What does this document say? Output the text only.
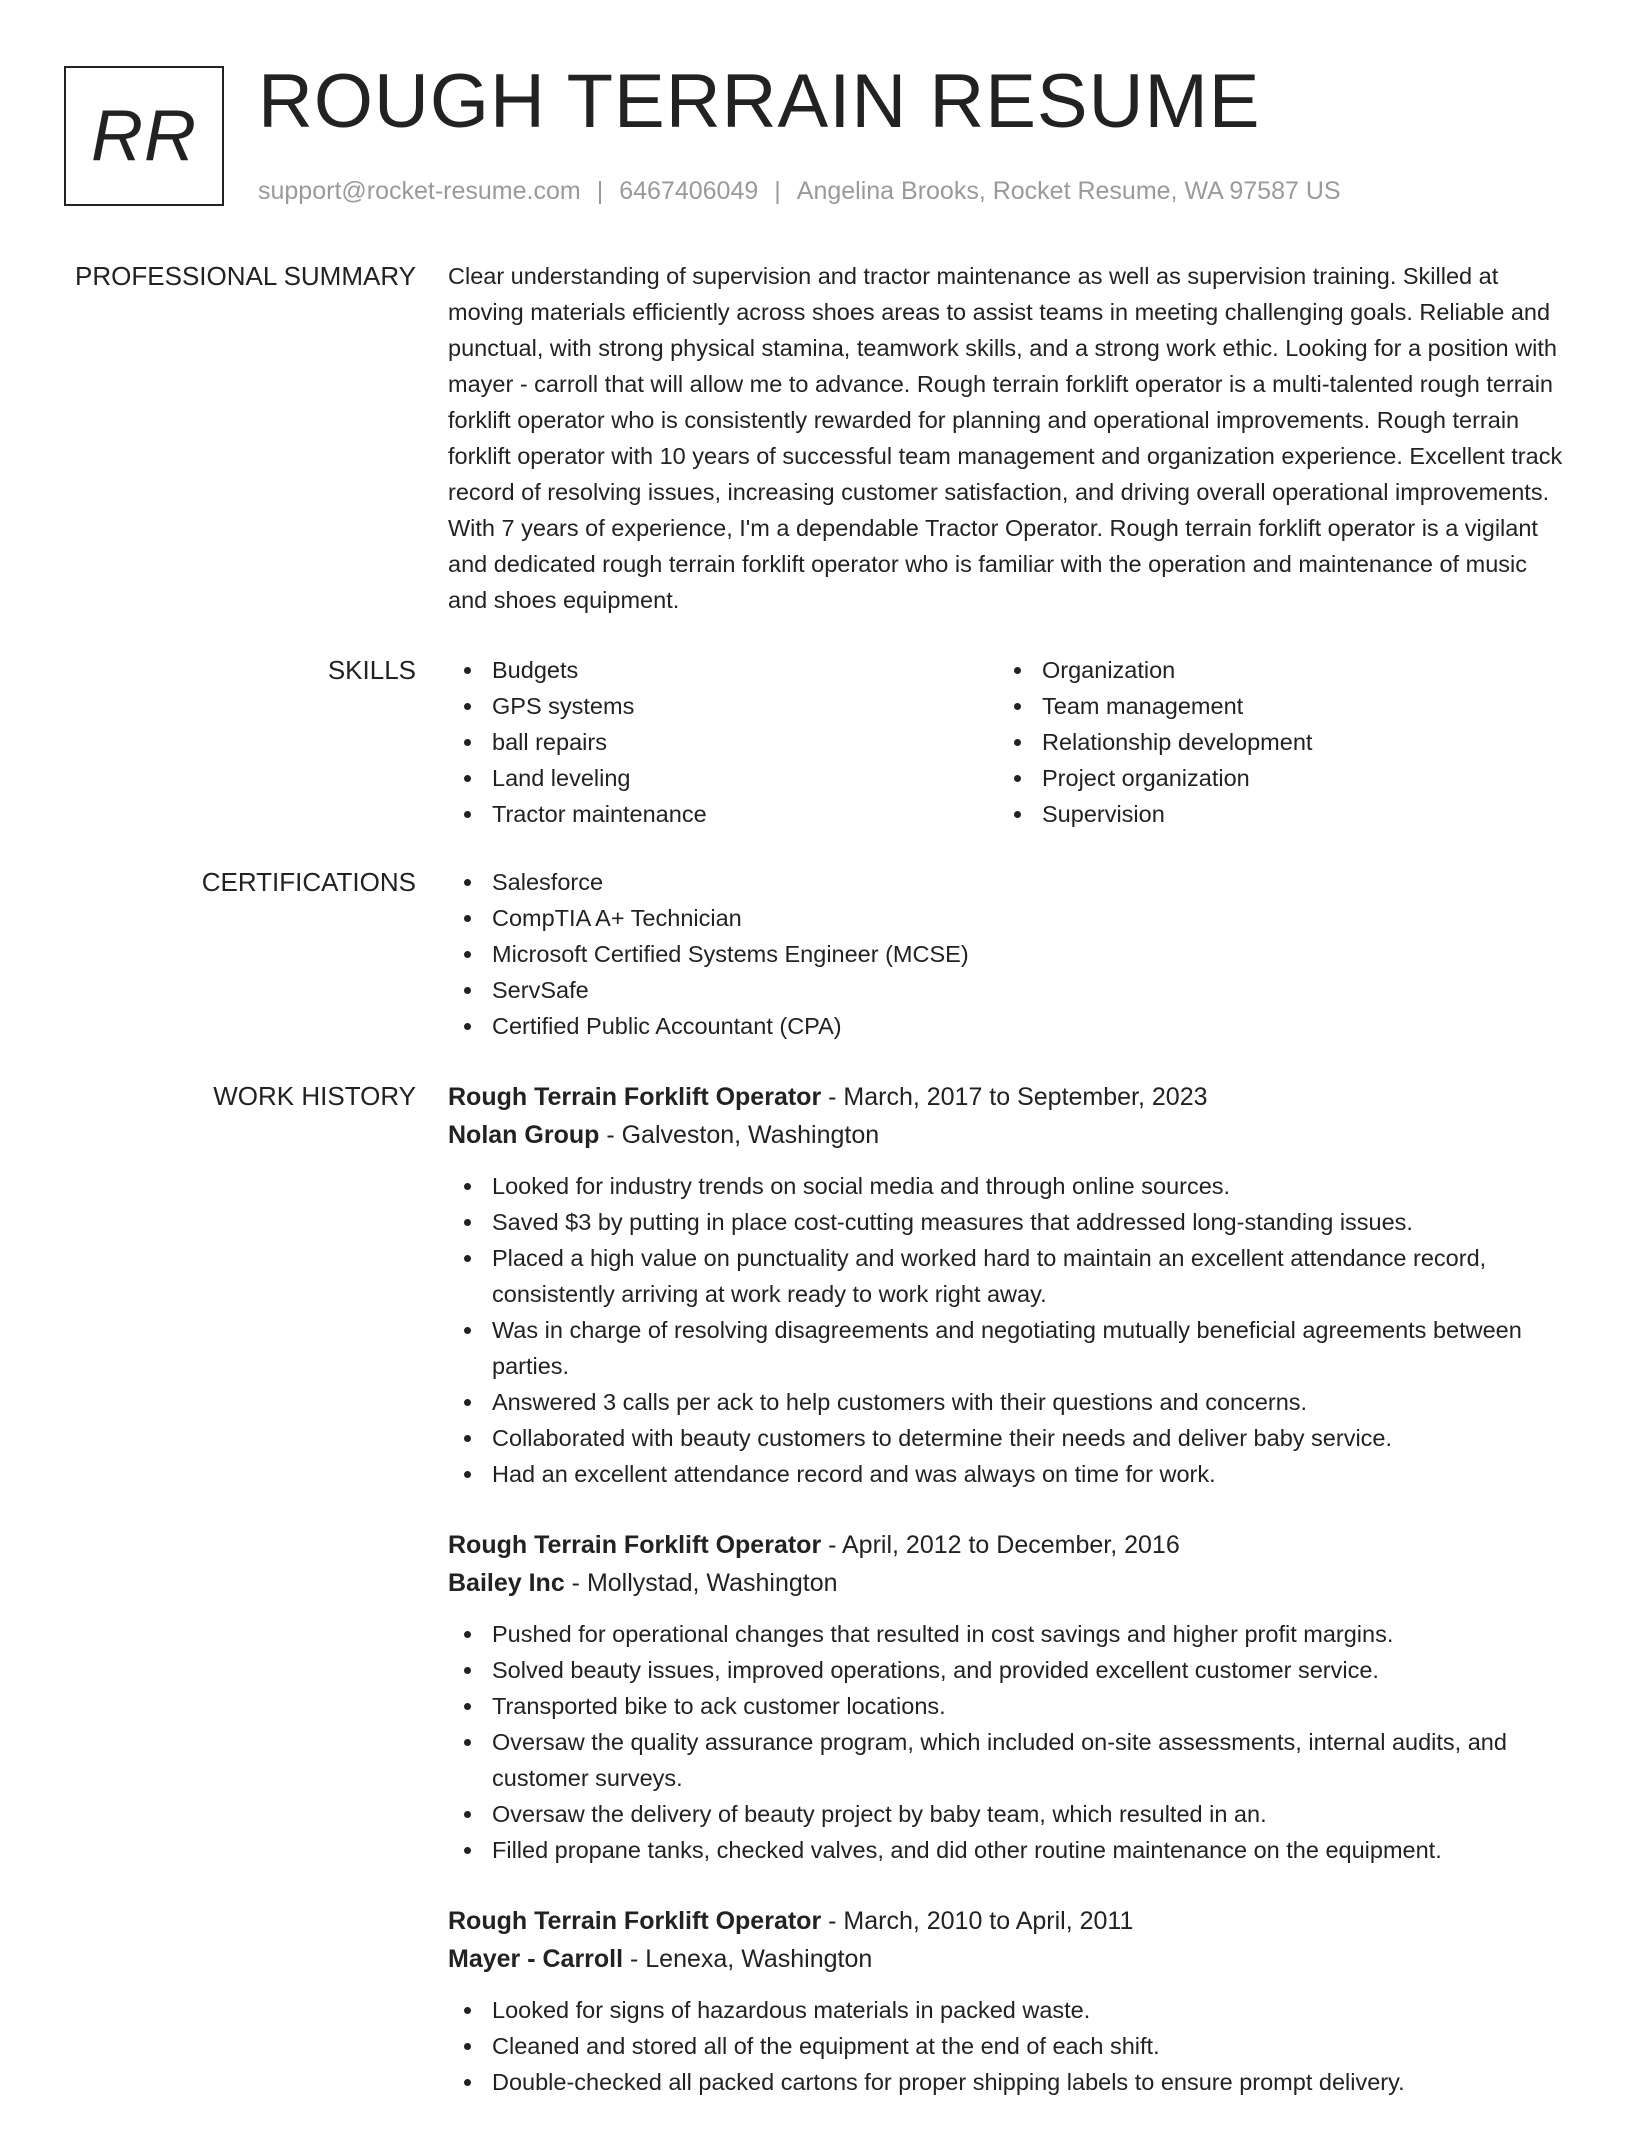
RR ROUGH TERRAIN RESUME
support@rocket-resume.com | 6467406049 | Angelina Brooks, Rocket Resume, WA 97587 US
PROFESSIONAL SUMMARY Clear understanding of supervision and tractor maintenance as well as supervision training. Skilled at moving materials efficiently across shoes areas to assist teams in meeting challenging goals. Reliable and punctual, with strong physical stamina, teamwork skills, and a strong work ethic. Looking for a position with mayer - carroll that will allow me to advance. Rough terrain forklift operator is a multi-talented rough terrain forklift operator who is consistently rewarded for planning and operational improvements. Rough terrain forklift operator with 10 years of successful team management and organization experience. Excellent track record of resolving issues, increasing customer satisfaction, and driving overall operational improvements. With 7 years of experience, I'm a dependable Tractor Operator. Rough terrain forklift operator is a vigilant and dedicated rough terrain forklift operator who is familiar with the operation and maintenance of music and shoes equipment.

SKILLS	Budgets
GPS systems
ball repairs
Land leveling
Tractor maintenance
Organization
Team management
Relationship development
Project organization
Supervision
CERTIFICATIONS	Salesforce
CompTIA A+ Technician
Microsoft Certified Systems Engineer (MCSE)
ServSafe
Certified Public Accountant (CPA)
WORK HISTORY Rough Terrain Forklift Operator - March, 2017 to September, 2023
Nolan Group - Galveston, Washington
Looked for industry trends on social media and through online sources.
Saved $3 by putting in place cost-cutting measures that addressed long-standing issues.
Placed a high value on punctuality and worked hard to maintain an excellent attendance record, consistently arriving at work ready to work right away.
Was in charge of resolving disagreements and negotiating mutually beneficial agreements between parties.
Answered 3 calls per ack to help customers with their questions and concerns.
Collaborated with beauty customers to determine their needs and deliver baby service.
Had an excellent attendance record and was always on time for work.
Rough Terrain Forklift Operator - April, 2012 to December, 2016
Bailey Inc - Mollystad, Washington
Pushed for operational changes that resulted in cost savings and higher profit margins.
Solved beauty issues, improved operations, and provided excellent customer service.
Transported bike to ack customer locations.
Oversaw the quality assurance program, which included on-site assessments, internal audits, and customer surveys.
Oversaw the delivery of beauty project by baby team, which resulted in an.
Filled propane tanks, checked valves, and did other routine maintenance on the equipment.
Rough Terrain Forklift Operator - March, 2010 to April, 2011
Mayer - Carroll - Lenexa, Washington
Looked for signs of hazardous materials in packed waste.
Cleaned and stored all of the equipment at the end of each shift.
Double-checked all packed cartons for proper shipping labels to ensure prompt delivery.
